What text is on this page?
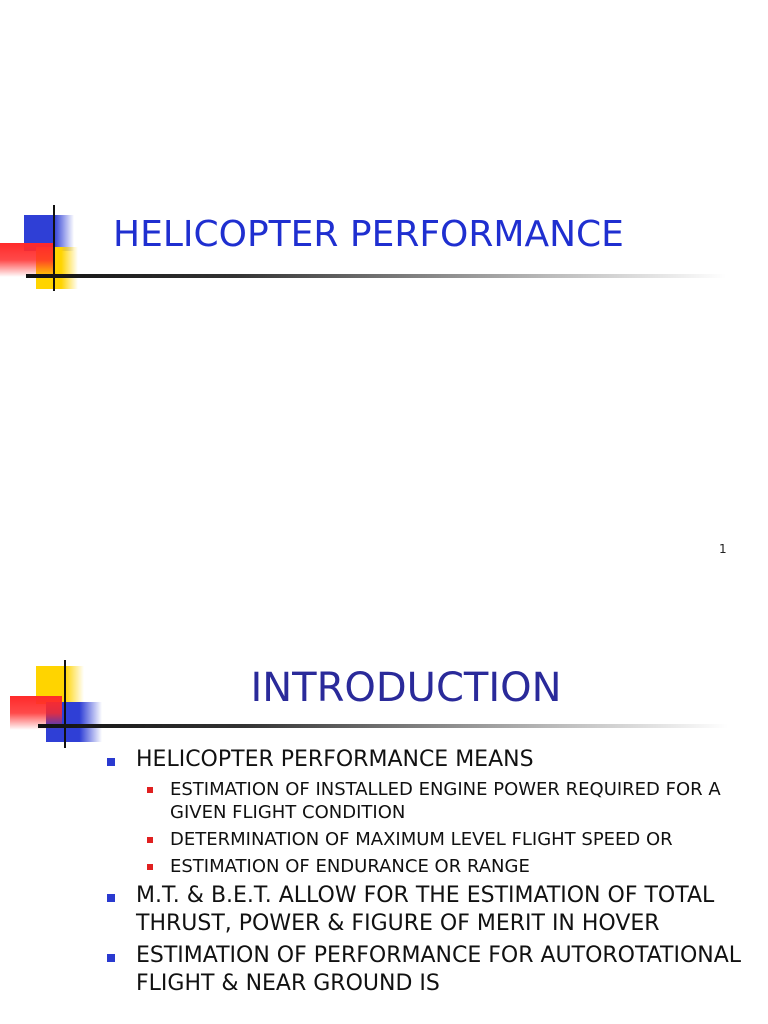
HELICOPTER PERFORMANCE
1
INTRODUCTION
HELICOPTER PERFORMANCE MEANS
ESTIMATION OF INSTALLED ENGINE POWER REQUIRED FOR A GIVEN FLIGHT CONDITION
DETERMINATION OF MAXIMUM LEVEL FLIGHT SPEED OR
ESTIMATION OF ENDURANCE OR RANGE
M.T. & B.E.T. ALLOW FOR THE ESTIMATION OF TOTAL THRUST, POWER & FIGURE OF MERIT IN HOVER
ESTIMATION OF PERFORMANCE FOR AUTOROTATIONAL FLIGHT & NEAR GROUND IS
